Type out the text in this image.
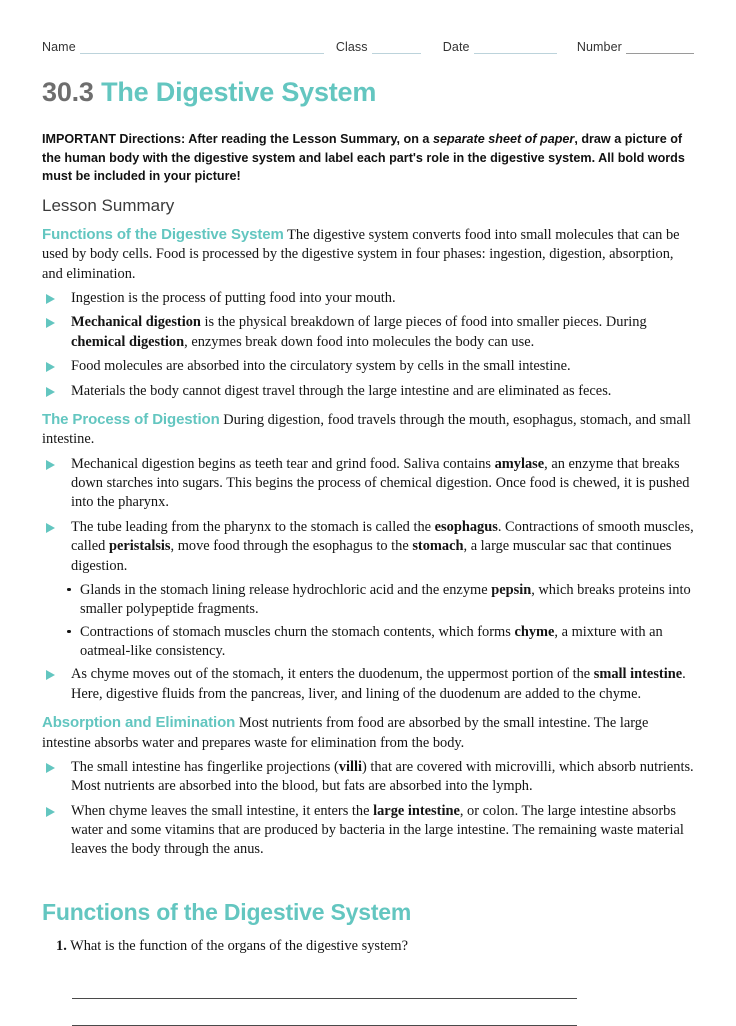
Name	Class	Date	Number
30.3 The Digestive System
IMPORTANT Directions: After reading the Lesson Summary, on a separate sheet of paper, draw a picture of the human body with the digestive system and label each part's role in the digestive system. All bold words must be included in your picture!
Lesson Summary
Functions of the Digestive System The digestive system converts food into small molecules that can be used by body cells. Food is processed by the digestive system in four phases: ingestion, digestion, absorption, and elimination.
Ingestion is the process of putting food into your mouth.
Mechanical digestion is the physical breakdown of large pieces of food into smaller pieces. During chemical digestion, enzymes break down food into molecules the body can use.
Food molecules are absorbed into the circulatory system by cells in the small intestine.
Materials the body cannot digest travel through the large intestine and are eliminated as feces.
The Process of Digestion During digestion, food travels through the mouth, esophagus, stomach, and small intestine.
Mechanical digestion begins as teeth tear and grind food. Saliva contains amylase, an enzyme that breaks down starches into sugars. This begins the process of chemical digestion. Once food is chewed, it is pushed into the pharynx.
The tube leading from the pharynx to the stomach is called the esophagus. Contractions of smooth muscles, called peristalsis, move food through the esophagus to the stomach, a large muscular sac that continues digestion.
Glands in the stomach lining release hydrochloric acid and the enzyme pepsin, which breaks proteins into smaller polypeptide fragments.
Contractions of stomach muscles churn the stomach contents, which forms chyme, a mixture with an oatmeal-like consistency.
As chyme moves out of the stomach, it enters the duodenum, the uppermost portion of the small intestine. Here, digestive fluids from the pancreas, liver, and lining of the duodenum are added to the chyme.
Absorption and Elimination Most nutrients from food are absorbed by the small intestine. The large intestine absorbs water and prepares waste for elimination from the body.
The small intestine has fingerlike projections (villi) that are covered with microvilli, which absorb nutrients. Most nutrients are absorbed into the blood, but fats are absorbed into the lymph.
When chyme leaves the small intestine, it enters the large intestine, or colon. The large intestine absorbs water and some vitamins that are produced by bacteria in the large intestine. The remaining waste material leaves the body through the anus.
Functions of the Digestive System
1. What is the function of the organs of the digestive system?
